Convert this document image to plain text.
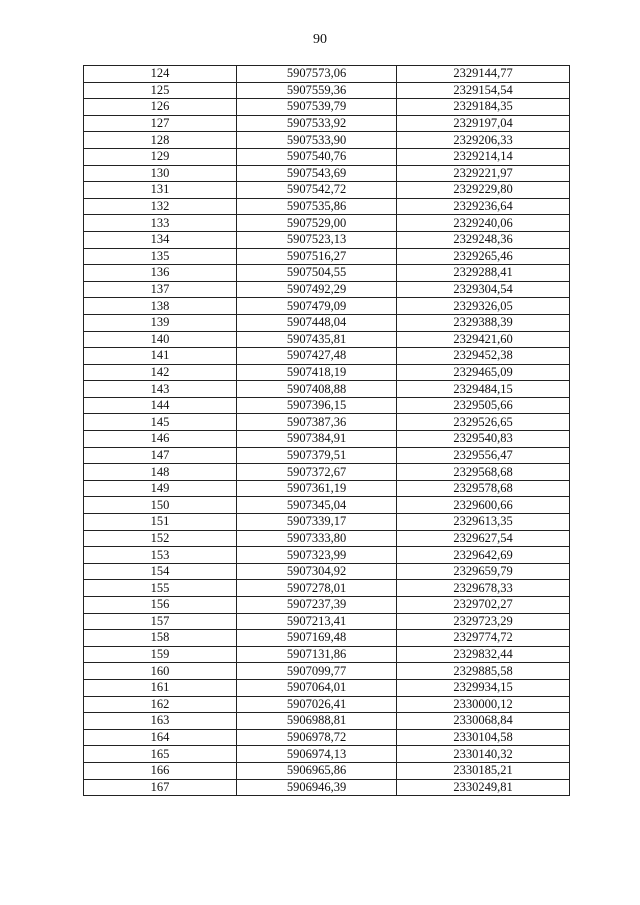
90
124	5907573,06	2329144,77
125	5907559,36	2329154,54
126	5907539,79	2329184,35
127	5907533,92	2329197,04
128	5907533,90	2329206,33
129	5907540,76	2329214,14
130	5907543,69	2329221,97
131	5907542,72	2329229,80
132	5907535,86	2329236,64
133	5907529,00	2329240,06
134	5907523,13	2329248,36
135	5907516,27	2329265,46
136	5907504,55	2329288,41
137	5907492,29	2329304,54
138	5907479,09	2329326,05
139	5907448,04	2329388,39
140	5907435,81	2329421,60
141	5907427,48	2329452,38
142	5907418,19	2329465,09
143	5907408,88	2329484,15
144	5907396,15	2329505,66
145	5907387,36	2329526,65
146	5907384,91	2329540,83
147	5907379,51	2329556,47
148	5907372,67	2329568,68
149	5907361,19	2329578,68
150	5907345,04	2329600,66
151	5907339,17	2329613,35
152	5907333,80	2329627,54
153	5907323,99	2329642,69
154	5907304,92	2329659,79
155	5907278,01	2329678,33
156	5907237,39	2329702,27
157	5907213,41	2329723,29
158	5907169,48	2329774,72
159	5907131,86	2329832,44
160	5907099,77	2329885,58
161	5907064,01	2329934,15
162	5907026,41	2330000,12
163	5906988,81	2330068,84
164	5906978,72	2330104,58
165	5906974,13	2330140,32
166	5906965,86	2330185,21
167	5906946,39	2330249,81
